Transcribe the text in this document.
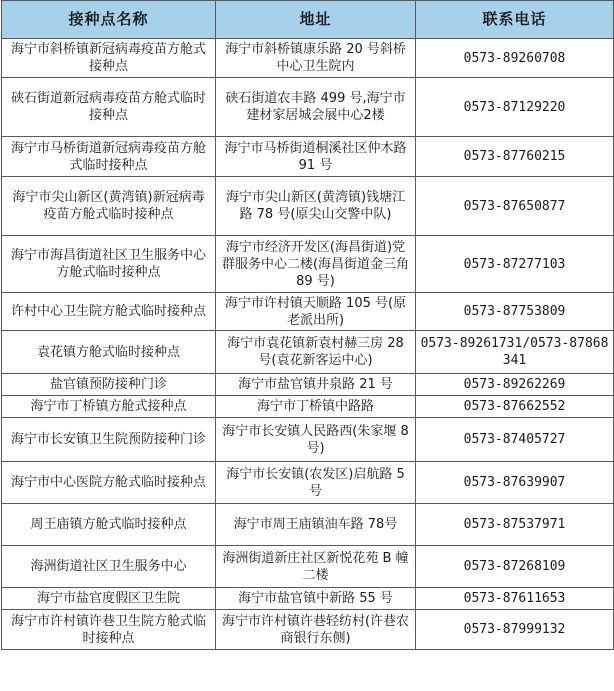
接种点名称	地址	联系电话
海宁市斜桥镇新冠病毒疫苗方舱式接种点	海宁市斜桥镇康乐路 20 号斜桥中心卫生院内	0573-89260708
硖石街道新冠病毒疫苗方舱式临时接种点	硖石街道农丰路 499 号,海宁市建材家居城会展中心2楼	0573-87129220
海宁市马桥街道新冠病毒疫苗方舱式临时接种点	海宁市马桥街道桐溪社区仲木路 91 号	0573-87760215
海宁市尖山新区(黄湾镇)新冠病毒疫苗方舱式临时接种点	海宁市尖山新区(黄湾镇)钱塘江路 78 号(原尖山交警中队)	0573-87650877
海宁市海昌街道社区卫生服务中心方舱式临时接种点	海宁市经济开发区(海昌街道)党群服务中心二楼(海昌街道金三角 89 号)	0573-87277103
许村中心卫生院方舱式临时接种点	海宁市许村镇天顺路 105 号(原老派出所)	0573-87753809
袁花镇方舱式临时接种点	海宁市袁花镇新袁村赫三房 28 号(袁花新客运中心)	0573-89261731/0573-87868341
盐官镇预防接种门诊	海宁市盐官镇井泉路 21 号	0573-89262269
海宁市丁桥镇方舱式接种点	海宁市丁桥镇中路路	0573-87662552
海宁市长安镇卫生院预防接种门诊	海宁市长安镇人民路西(朱家堰 8 号)	0573-87405727
海宁市中心医院方舱式临时接种点	海宁市长安镇(农发区)启航路 5 号	0573-87639907
周王庙镇方舱式临时接种点	海宁市周王庙镇油车路 78号	0573-87537971
海洲街道社区卫生服务中心	海洲街道新庄社区新悦花苑 B 幢二楼	0573-87268109
海宁市盐官度假区卫生院	海宁市盐官镇中新路 55 号	0573-87611653
海宁市许村镇许巷卫生院方舱式临时接种点	海宁市许村镇许巷轻纺村(许巷农商银行东侧)	0573-87999132
